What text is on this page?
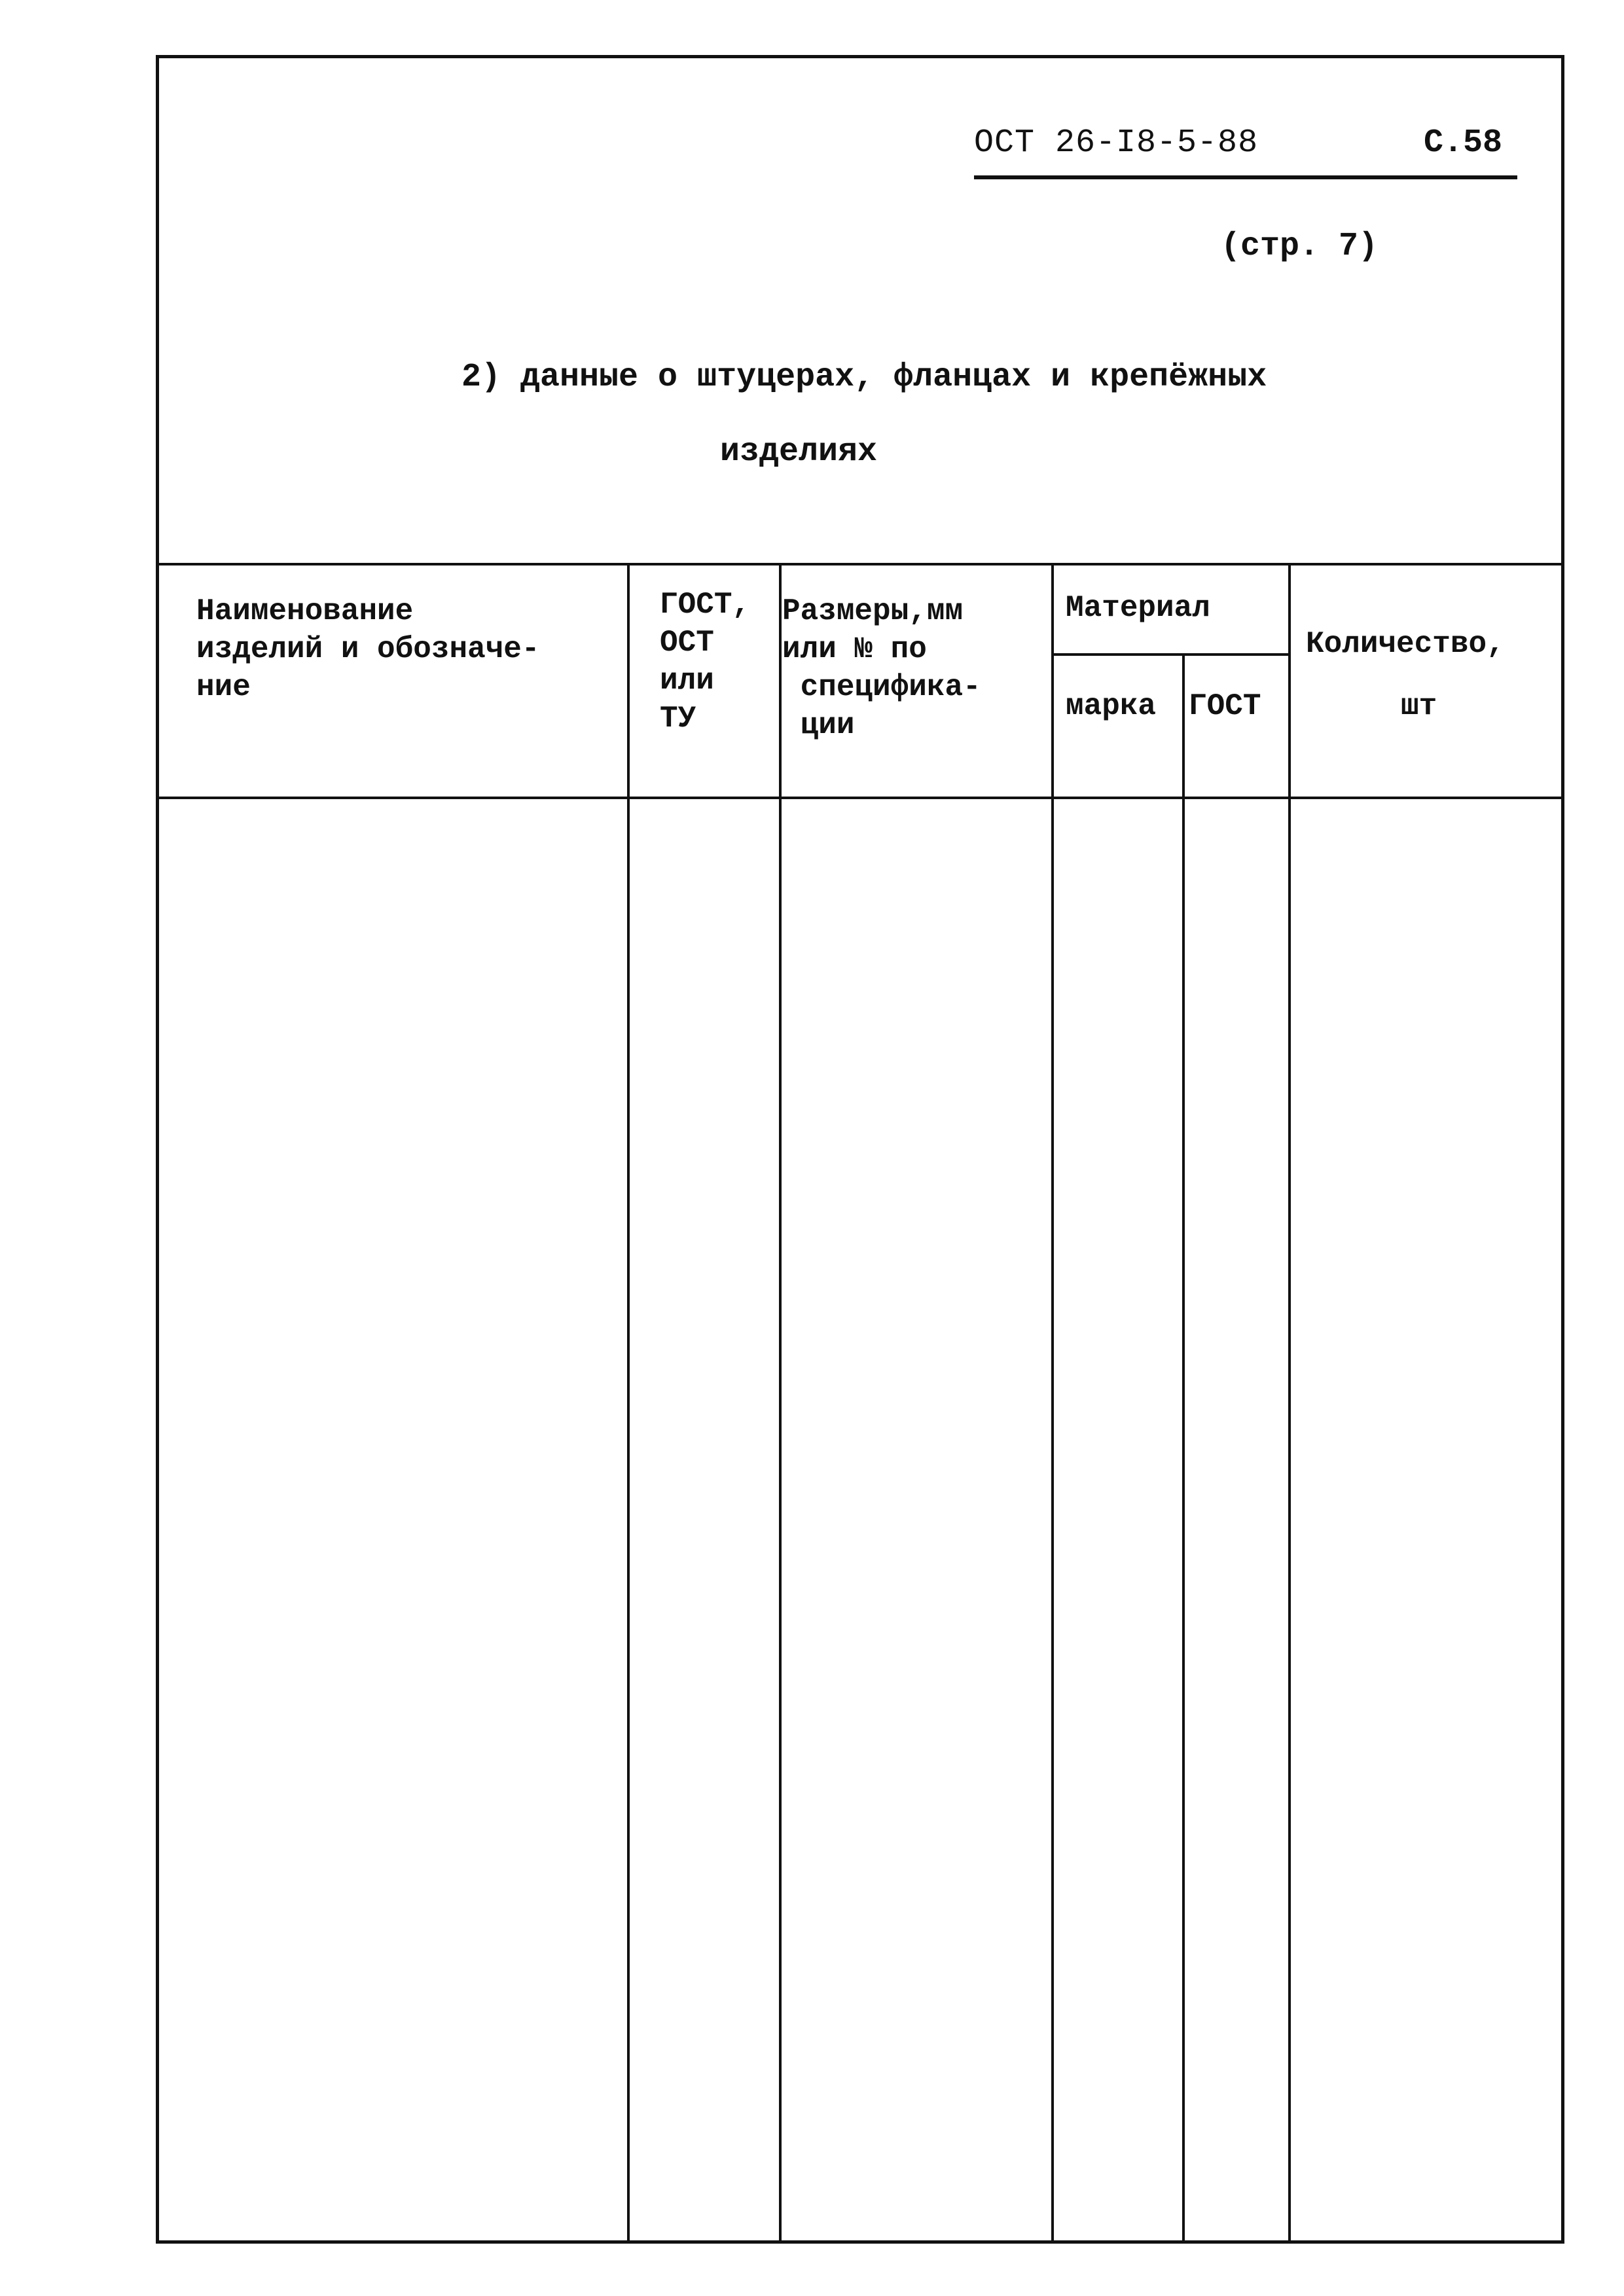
ОСТ 26-I8-5-88	С.58
(стр. 7)
2) данные о штуцерах, фланцах и крепёжных
изделиях
Наименование
изделий и обозначе-
ние
ГОСТ,
ОСТ
или
ТУ
Размеры,мм
или № по
спецификa-
ции
Материал
марка ГОСТ
Количество,
шт
